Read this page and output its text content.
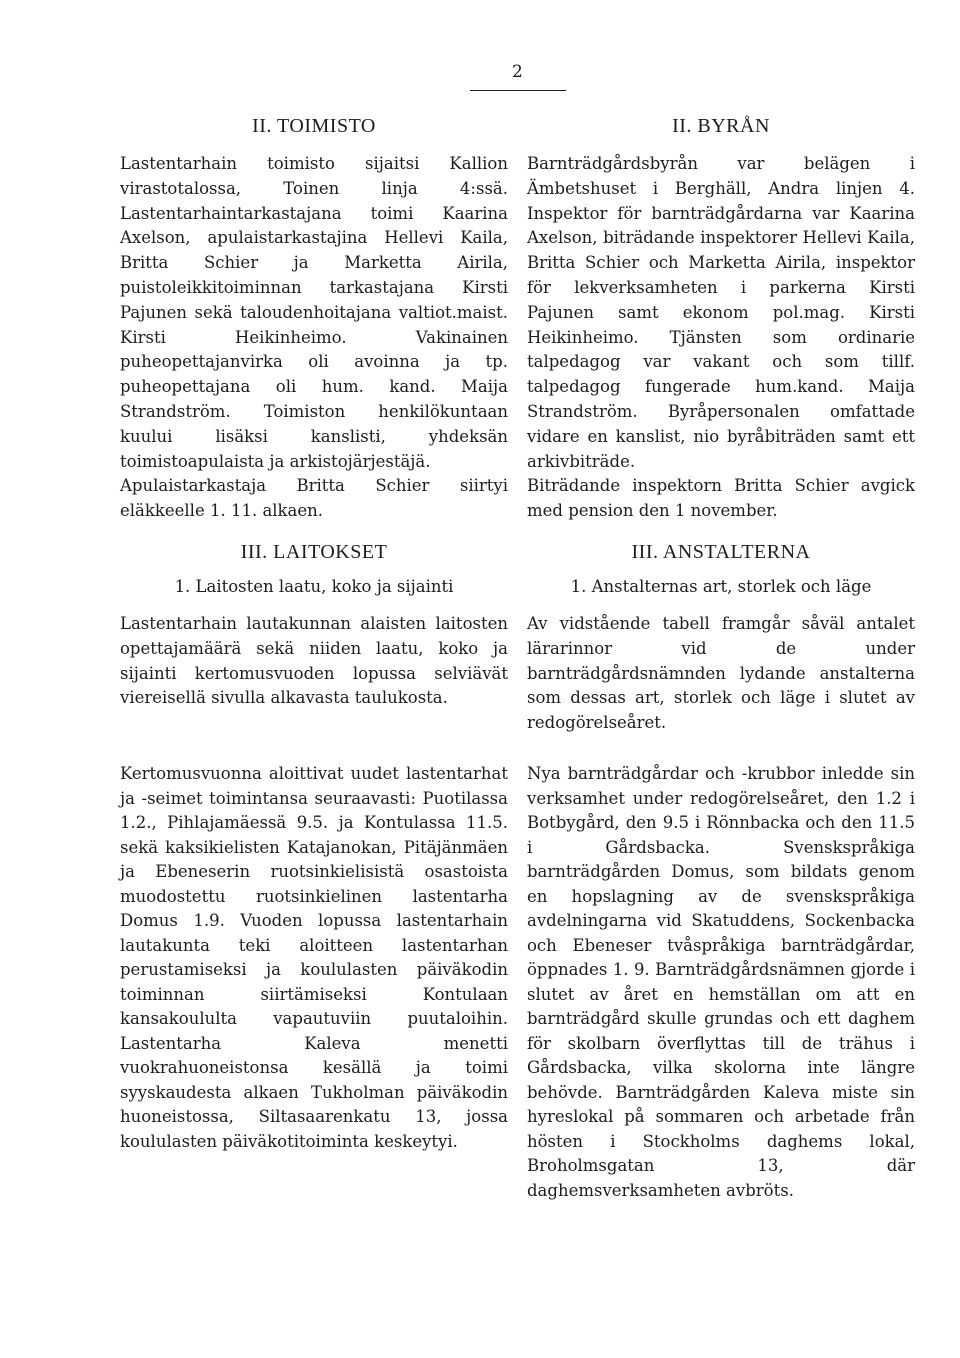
2
II. TOIMISTO

Lastentarhain toimisto sijaitsi Kallion virastotalossa, Toinen linja 4:ssä. Lastentarhaintarkastajana toimi Kaarina Axelson, apulaistarkastajina Hellevi Kaila, Britta Schier ja Marketta Airila, puistoleikkitoiminnan tarkastajana Kirsti Pajunen sekä taloudenhoitajana valtiot.maist. Kirsti Heikinheimo. Vakinainen puheopettajanvirka oli avoinna ja tp. puheopettajana oli hum. kand. Maija Strandström. Toimiston henkilökuntaan kuului lisäksi kanslisti, yhdeksän toimistoapulaista ja arkistojärjestäjä.

Apulaistarkastaja Britta Schier siirtyi eläkkeelle 1. 11. alkaen.

II. BYRÅN

Barnträdgårdsbyrån var belägen i Ämbetshuset i Berghäll, Andra linjen 4. Inspektor för barnträdgårdarna var Kaarina Axelson, biträdande inspektorer Hellevi Kaila, Britta Schier och Marketta Airila, inspektor för lekverksamheten i parkerna Kirsti Pajunen samt ekonom pol.mag. Kirsti Heikinheimo. Tjänsten som ordinarie talpedagog var vakant och som tillf. talpedagog fungerade hum.kand. Maija Strandström. Byråpersonalen omfattade vidare en kanslist, nio byråbiträden samt ett arkivbiträde.

Biträdande inspektorn Britta Schier avgick med pension den 1 november.

III. LAITOKSET
1. Laitosten laatu, koko ja sijainti

Lastentarhain lautakunnan alaisten laitosten opettajamäärä sekä niiden laatu, koko ja sijainti kertomusvuoden lopussa selviävät viereisellä sivulla alkavasta taulukosta.

Kertomusvuonna aloittivat uudet lastentarhat ja -seimet toimintansa seuraavasti: Puotilassa 1.2., Pihlajamäessä 9.5. ja Kontulassa 11.5. sekä kaksikielisten Katajanokan, Pitäjänmäen ja Ebeneserin ruotsinkielisistä osastoista muodostettu ruotsinkielinen lastentarha Domus 1.9. Vuoden lopussa lastentarhain lautakunta teki aloitteen lastentarhan perustamiseksi ja koululasten päiväkodin toiminnan siirtämiseksi Kontulaan kansakoululta vapautuviin puutaloihin. Lastentarha Kaleva menetti vuokrahuoneistonsa kesällä ja toimi syyskaudesta alkaen Tukholman päiväkodin huoneistossa, Siltasaarenkatu 13, jossa koululasten päiväkotitoiminta keskeytyi.

III. ANSTALTERNA
1. Anstalternas art, storlek och läge

Av vidstående tabell framgår såväl antalet lärarinnor vid de under barnträdgårdsnämnden lydande anstalterna som dessas art, storlek och läge i slutet av redogörelseåret.

Nya barnträdgårdar och -krubbor inledde sin verksamhet under redogörelseåret, den 1.2 i Botbygård, den 9.5 i Rönnbacka och den 11.5 i Gårdsbacka. Svenskspråkiga barnträdgården Domus, som bildats genom en hopslagning av de svenskspråkiga avdelningarna vid Skatuddens, Sockenbacka och Ebeneser tvåspråkiga barnträdgårdar, öppnades 1. 9. Barnträdgårdsnämnen gjorde i slutet av året en hemställan om att en barnträdgård skulle grundas och ett daghem för skolbarn överflyttas till de trähus i Gårdsbacka, vilka skolorna inte längre behövde. Barnträdgården Kaleva miste sin hyreslokal på sommaren och arbetade från hösten i Stockholms daghems lokal, Broholmsgatan 13, där daghemsverksamheten avbröts.
